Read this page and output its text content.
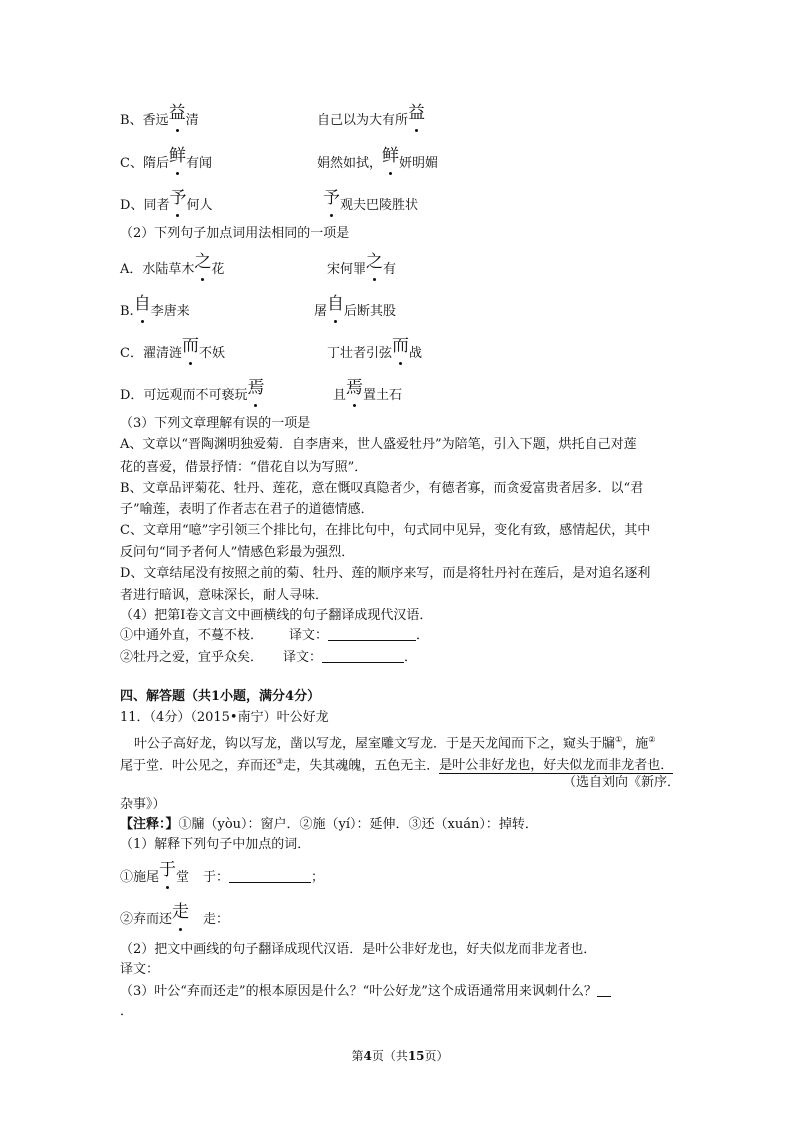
B、香远益清	自己以为大有所益
C、隋后鲜有闻	娟然如拭，鲜妍明媚
D、同者予何人	予观夫巴陵胜状
（2）下列句子加点词用法相同的一项是
A．水陆草木之花	宋何罪之有
B.自李唐来	屠自后断其股
C．濯清涟而不妖	丁壮者引弦而战
D．可远观而不可亵玩焉	且焉置土石
（3）下列文章理解有误的一项是
A、文章以“晋陶渊明独爱菊．自李唐来，世人盛爱牡丹”为陪笔，引入下题，烘托自己对莲
花的喜爱，借景抒情：“借花自以为写照”．
B、文章品评菊花、牡丹、莲花，意在慨叹真隐者少，有德者寡，而贪爱富贵者居多．以“君
子”喻莲，表明了作者志在君子的道德情感．
C、文章用“噫”字引领三个排比句，在排比句中，句式同中见异，变化有致，感情起伏，其中
反问句“同予者何人”情感色彩最为强烈．
D、文章结尾没有按照之前的菊、牡丹、莲的顺序来写，而是将牡丹衬在莲后，是对追名逐利
者进行暗讽，意味深长，耐人寻味．
（4）把第Ⅰ卷文言文中画横线的句子翻译成现代汉语．
①中通外直，不蔓不枝． 译文：	．
②牡丹之爱，宜乎众矣． 译文：	．
四、解答题（共1小题，满分4分）
11．（4分）（2015•南宁）叶公好龙
叶公子高好龙，钩以写龙，凿以写龙，屋室雕文写龙．于是天龙闻而下之，窥头于牖①，施②
尾于堂．叶公见之，弃而还③走，失其魂魄，五色无主．是叶公非好龙也，好夫似龙而非龙者也．
（选自刘向《新序．
杂事》）
【注释：】①牖（yòu）：窗户．②施（yí）：延伸．③还（xuán）：掉转．
（1）解释下列句子中加点的词．
①施尾于堂 于：	；
②弃而还走 走：
（2）把文中画线的句子翻译成现代汉语．是叶公非好龙也，好夫似龙而非龙者也．
译文：
（3）叶公“弃而还走”的根本原因是什么？“叶公好龙”这个成语通常用来讽刺什么？
．
第4页（共15页）
